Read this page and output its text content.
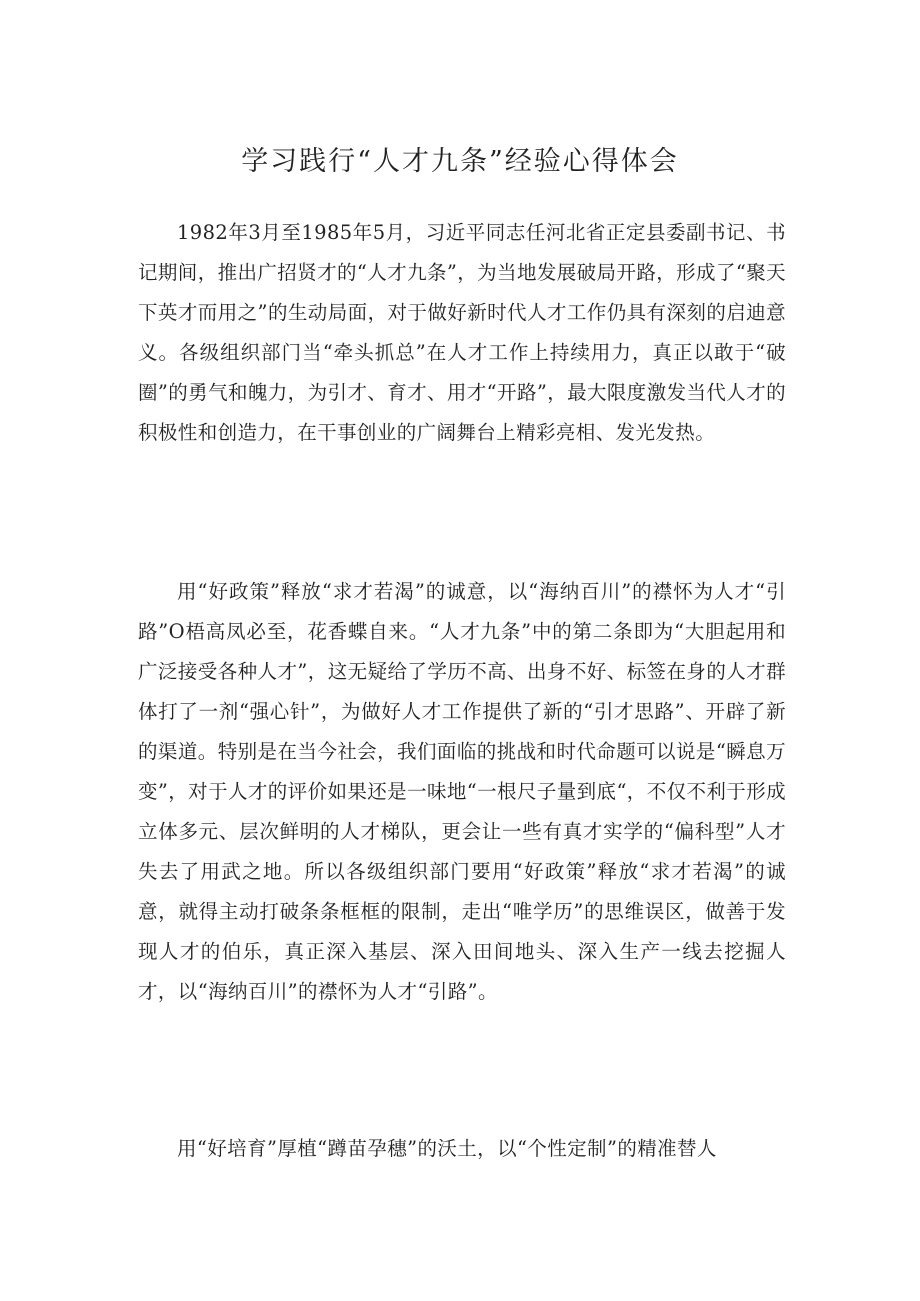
学习践行“人才九条”经验心得体会

1982年3月至1985年5月，习近平同志任河北省正定县委副书记、书记期间，推出广招贤才的“人才九条”，为当地发展破局开路，形成了“聚天下英才而用之”的生动局面，对于做好新时代人才工作仍具有深刻的启迪意义。各级组织部门当“牵头抓总”在人才工作上持续用力，真正以敢于“破圈”的勇气和魄力，为引才、育才、用才“开路”，最大限度激发当代人才的积极性和创造力，在干事创业的广阔舞台上精彩亮相、发光发热。

用“好政策”释放“求才若渴”的诚意，以“海纳百川”的襟怀为人才“引路”O梧高凤必至，花香蝶自来。“人才九条”中的第二条即为“大胆起用和广泛接受各种人才”，这无疑给了学历不高、出身不好、标签在身的人才群体打了一剂“强心针”，为做好人才工作提供了新的“引才思路”、开辟了新的渠道。特别是在当今社会，我们面临的挑战和时代命题可以说是“瞬息万变”，对于人才的评价如果还是一味地“一根尺子量到底“，不仅不利于形成立体多元、层次鲜明的人才梯队，更会让一些有真才实学的“偏科型”人才失去了用武之地。所以各级组织部门要用“好政策”释放“求才若渴”的诚意，就得主动打破条条框框的限制，走出“唯学历”的思维误区，做善于发现人才的伯乐，真正深入基层、深入田间地头、深入生产一线去挖掘人才，以“海纳百川”的襟怀为人才“引路”。

用“好培育”厚植“蹲苗孕穗”的沃土，以“个性定制”的精准替人
